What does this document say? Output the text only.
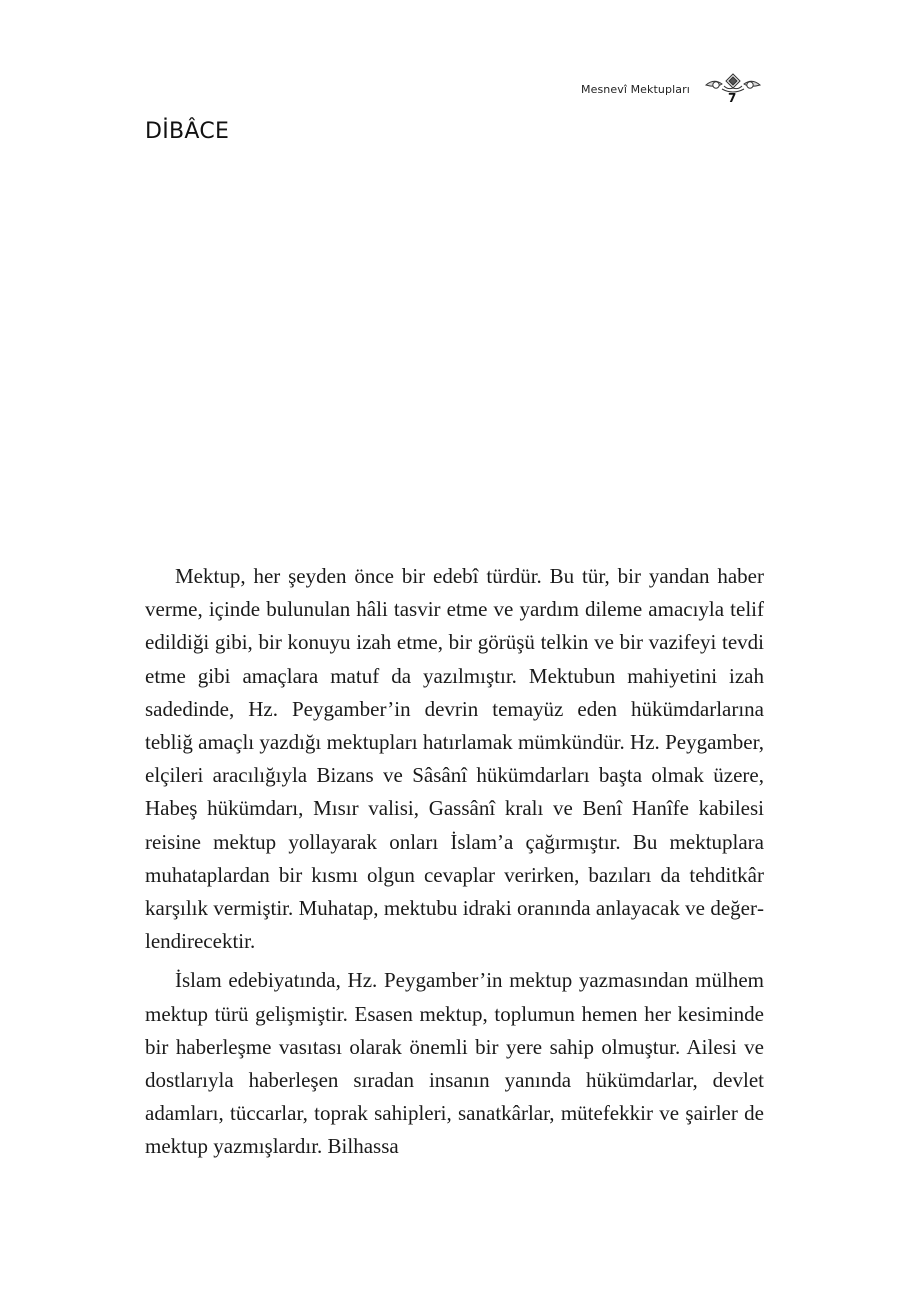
Mesnevî Mektupları
7
DİBÂCE

Mektup, her şeyden önce bir edebî türdür. Bu tür, bir yandan haber verme, içinde bulunulan hâli tasvir etme ve yardım dileme amacıyla telif edildiği gibi, bir konuyu izah etme, bir görüşü telkin ve bir vazifeyi tevdi etme gibi amaçlara matuf da yazılmıştır. Mektubun mahiyetini izah sadedinde, Hz. Peygamber’in devrin temayüz eden hükümdarlarına tebliğ amaçlı yazdığı mektupları hatırlamak mümkündür. Hz. Peygamber, elçileri aracılığıyla Bizans ve Sâsânî hükümdarları başta olmak üzere, Habeş hükümdarı, Mısır valisi, Gassânî kralı ve Benî Hanîfe kabilesi reisine mektup yollayarak onları İslam’a çağırmıştır. Bu mektuplara muhataplardan bir kısmı olgun cevaplar verirken, bazıları da tehditkâr karşılık vermiştir. Muhatap, mektubu idraki oranında anlayacak ve değerlendirecektir.

İslam edebiyatında, Hz. Peygamber’in mektup yazmasından mülhem mektup türü gelişmiştir. Esasen mektup, toplumun hemen her kesiminde bir haberleşme vasıtası olarak önemli bir yere sahip olmuştur. Ailesi ve dostlarıyla haberleşen sıradan insanın yanında hükümdarlar, devlet adamları, tüccarlar, toprak sahipleri, sanatkârlar, mütefekkir ve şairler de mektup yazmışlardır. Bilhassa
